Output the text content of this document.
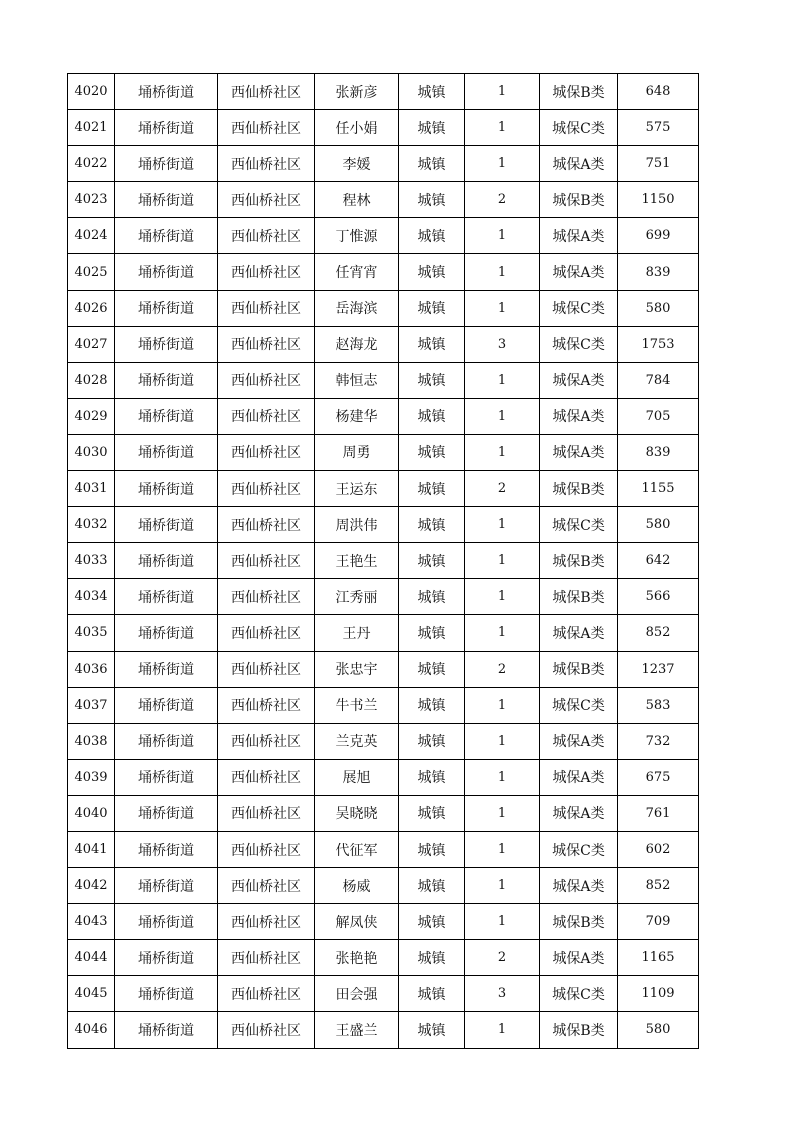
4020	埇桥街道	西仙桥社区	张新彦	城镇	1	城保B类	648
4021	埇桥街道	西仙桥社区	任小娟	城镇	1	城保C类	575
4022	埇桥街道	西仙桥社区	李媛	城镇	1	城保A类	751
4023	埇桥街道	西仙桥社区	程林	城镇	2	城保B类	1150
4024	埇桥街道	西仙桥社区	丁惟源	城镇	1	城保A类	699
4025	埇桥街道	西仙桥社区	任宵宵	城镇	1	城保A类	839
4026	埇桥街道	西仙桥社区	岳海滨	城镇	1	城保C类	580
4027	埇桥街道	西仙桥社区	赵海龙	城镇	3	城保C类	1753
4028	埇桥街道	西仙桥社区	韩恒志	城镇	1	城保A类	784
4029	埇桥街道	西仙桥社区	杨建华	城镇	1	城保A类	705
4030	埇桥街道	西仙桥社区	周勇	城镇	1	城保A类	839
4031	埇桥街道	西仙桥社区	王运东	城镇	2	城保B类	1155
4032	埇桥街道	西仙桥社区	周洪伟	城镇	1	城保C类	580
4033	埇桥街道	西仙桥社区	王艳生	城镇	1	城保B类	642
4034	埇桥街道	西仙桥社区	江秀丽	城镇	1	城保B类	566
4035	埇桥街道	西仙桥社区	王丹	城镇	1	城保A类	852
4036	埇桥街道	西仙桥社区	张忠宇	城镇	2	城保B类	1237
4037	埇桥街道	西仙桥社区	牛书兰	城镇	1	城保C类	583
4038	埇桥街道	西仙桥社区	兰克英	城镇	1	城保A类	732
4039	埇桥街道	西仙桥社区	展旭	城镇	1	城保A类	675
4040	埇桥街道	西仙桥社区	吴晓晓	城镇	1	城保A类	761
4041	埇桥街道	西仙桥社区	代征军	城镇	1	城保C类	602
4042	埇桥街道	西仙桥社区	杨威	城镇	1	城保A类	852
4043	埇桥街道	西仙桥社区	解凤侠	城镇	1	城保B类	709
4044	埇桥街道	西仙桥社区	张艳艳	城镇	2	城保A类	1165
4045	埇桥街道	西仙桥社区	田会强	城镇	3	城保C类	1109
4046	埇桥街道	西仙桥社区	王盛兰	城镇	1	城保B类	580
